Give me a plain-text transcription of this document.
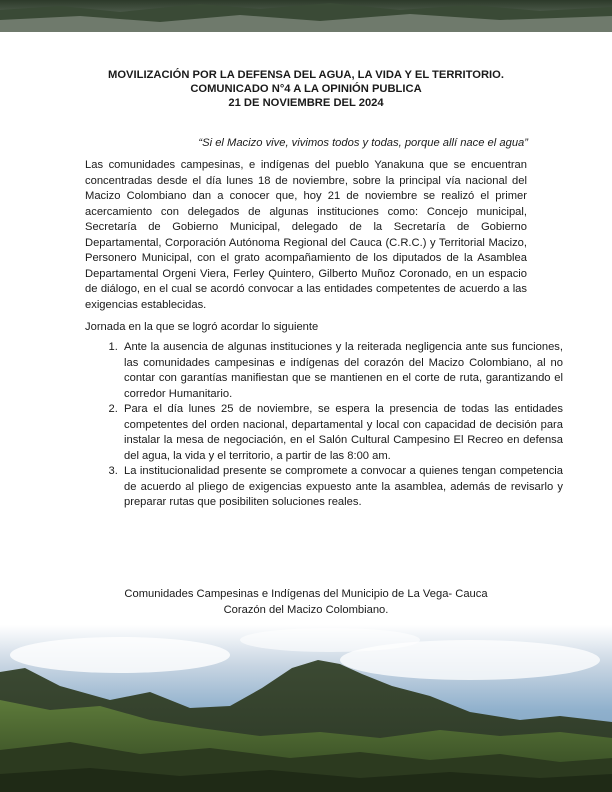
MOVILIZACIÓN POR LA DEFENSA DEL AGUA, LA VIDA Y EL TERRITORIO.
COMUNICADO N°4 A LA OPINIÓN PUBLICA
21 DE NOVIEMBRE DEL 2024
“Si el Macizo vive, vivimos todos y todas, porque allí nace el agua”

Las comunidades campesinas, e indígenas del pueblo Yanakuna que se encuentran concentradas desde el día lunes 18 de noviembre, sobre la principal vía nacional del Macizo Colombiano dan a conocer que, hoy 21 de noviembre se realizó el primer acercamiento con delegados de algunas instituciones como: Concejo municipal, Secretaría de Gobierno Municipal, delegado de la Secretaría de Gobierno Departamental, Corporación Autónoma Regional del Cauca (C.R.C.) y Territorial Macizo, Personero Municipal, con el grato acompañamiento de los diputados de la Asamblea Departamental Orgeni Viera, Ferley Quintero, Gilberto Muñoz Coronado, en un espacio de diálogo, en el cual se acordó convocar a las entidades competentes de acuerdo a las exigencias establecidas.

Jornada en la que se logró acordar lo siguiente

1. Ante la ausencia de algunas instituciones y la reiterada negligencia ante sus funciones, las comunidades campesinas e indígenas del corazón del Macizo Colombiano, al no contar con garantías manifiestan que se mantienen en el corte de ruta, garantizando el corredor Humanitario.
2. Para el día lunes 25 de noviembre, se espera la presencia de todas las entidades competentes del orden nacional, departamental y local con capacidad de decisión para instalar la mesa de negociación, en el Salón Cultural Campesino El Recreo en defensa del agua, la vida y el territorio, a partir de las 8:00 am.
3. La institucionalidad presente se compromete a convocar a quienes tengan competencia de acuerdo al pliego de exigencias expuesto ante la asamblea, además de revisarlo y preparar rutas que posibiliten soluciones reales.
Comunidades Campesinas e Indígenas del Municipio de La Vega- Cauca
Corazón del Macizo Colombiano.
